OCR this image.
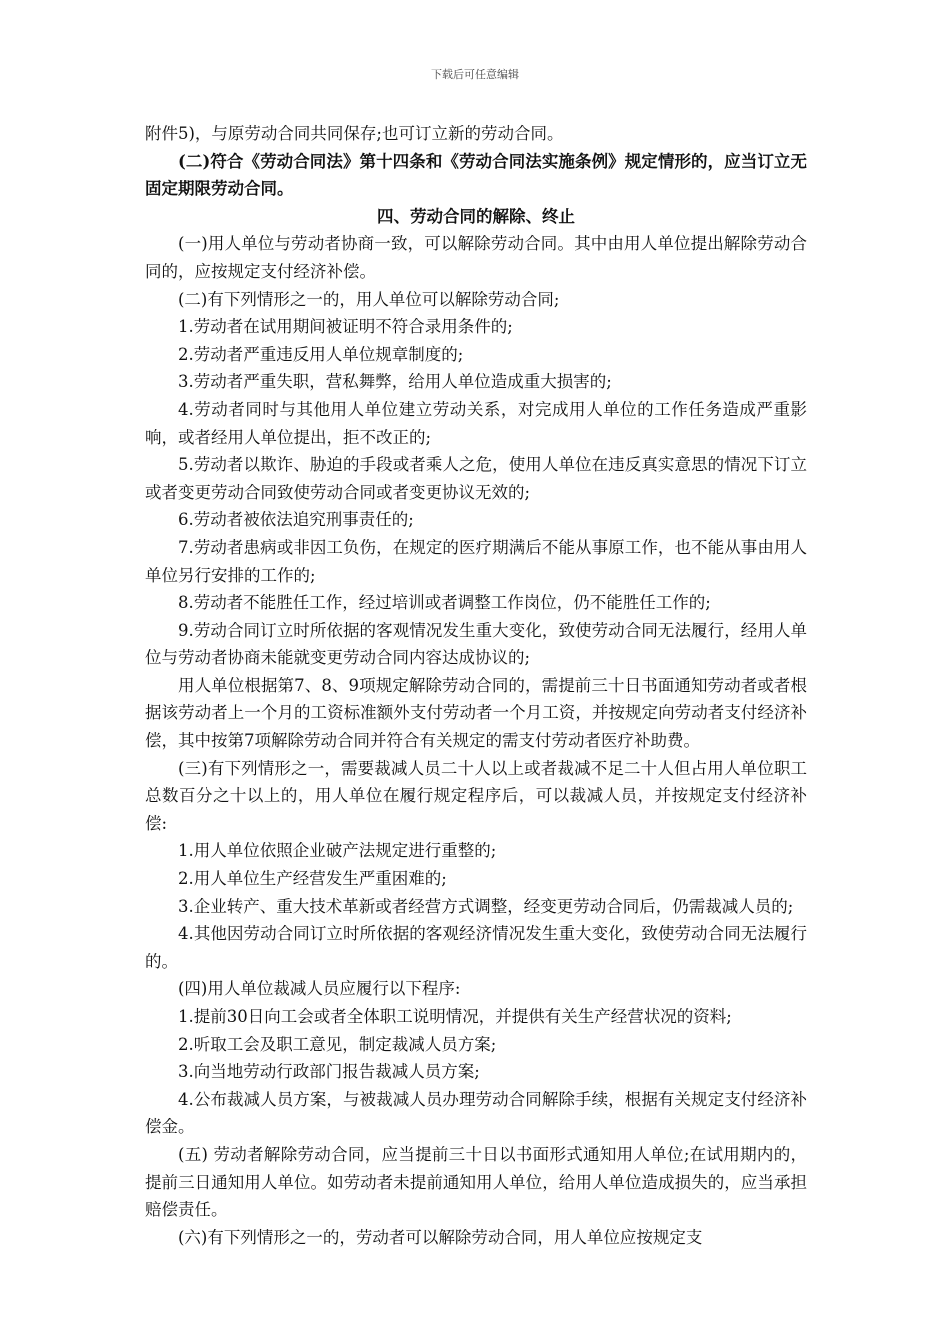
下载后可任意编辑

附件5)，与原劳动合同共同保存;也可订立新的劳动合同。

(二)符合《劳动合同法》第十四条和《劳动合同法实施条例》规定情形的，应当订立无固定期限劳动合同。

四、劳动合同的解除、终止

(一)用人单位与劳动者协商一致，可以解除劳动合同。其中由用人单位提出解除劳动合同的，应按规定支付经济补偿。

(二)有下列情形之一的，用人单位可以解除劳动合同;

1.劳动者在试用期间被证明不符合录用条件的;

2.劳动者严重违反用人单位规章制度的;

3.劳动者严重失职，营私舞弊，给用人单位造成重大损害的;

4.劳动者同时与其他用人单位建立劳动关系，对完成用人单位的工作任务造成严重影响，或者经用人单位提出，拒不改正的;

5.劳动者以欺诈、胁迫的手段或者乘人之危，使用人单位在违反真实意思的情况下订立或者变更劳动合同致使劳动合同或者变更协议无效的;

6.劳动者被依法追究刑事责任的;

7.劳动者患病或非因工负伤，在规定的医疗期满后不能从事原工作，也不能从事由用人单位另行安排的工作的;

8.劳动者不能胜任工作，经过培训或者调整工作岗位，仍不能胜任工作的;

9.劳动合同订立时所依据的客观情况发生重大变化，致使劳动合同无法履行，经用人单位与劳动者协商未能就变更劳动合同内容达成协议的;

用人单位根据第7、8、9项规定解除劳动合同的，需提前三十日书面通知劳动者或者根据该劳动者上一个月的工资标准额外支付劳动者一个月工资，并按规定向劳动者支付经济补偿，其中按第7项解除劳动合同并符合有关规定的需支付劳动者医疗补助费。

(三)有下列情形之一，需要裁减人员二十人以上或者裁减不足二十人但占用人单位职工总数百分之十以上的，用人单位在履行规定程序后，可以裁减人员，并按规定支付经济补偿:

1.用人单位依照企业破产法规定进行重整的;

2.用人单位生产经营发生严重困难的;

3.企业转产、重大技术革新或者经营方式调整，经变更劳动合同后，仍需裁减人员的;

4.其他因劳动合同订立时所依据的客观经济情况发生重大变化，致使劳动合同无法履行的。

(四)用人单位裁减人员应履行以下程序:

1.提前30日向工会或者全体职工说明情况，并提供有关生产经营状况的资料;

2.听取工会及职工意见，制定裁减人员方案;

3.向当地劳动行政部门报告裁减人员方案;

4.公布裁减人员方案，与被裁减人员办理劳动合同解除手续，根据有关规定支付经济补偿金。

(五) 劳动者解除劳动合同，应当提前三十日以书面形式通知用人单位;在试用期内的，提前三日通知用人单位。如劳动者未提前通知用人单位，给用人单位造成损失的，应当承担赔偿责任。

(六)有下列情形之一的，劳动者可以解除劳动合同，用人单位应按规定支
